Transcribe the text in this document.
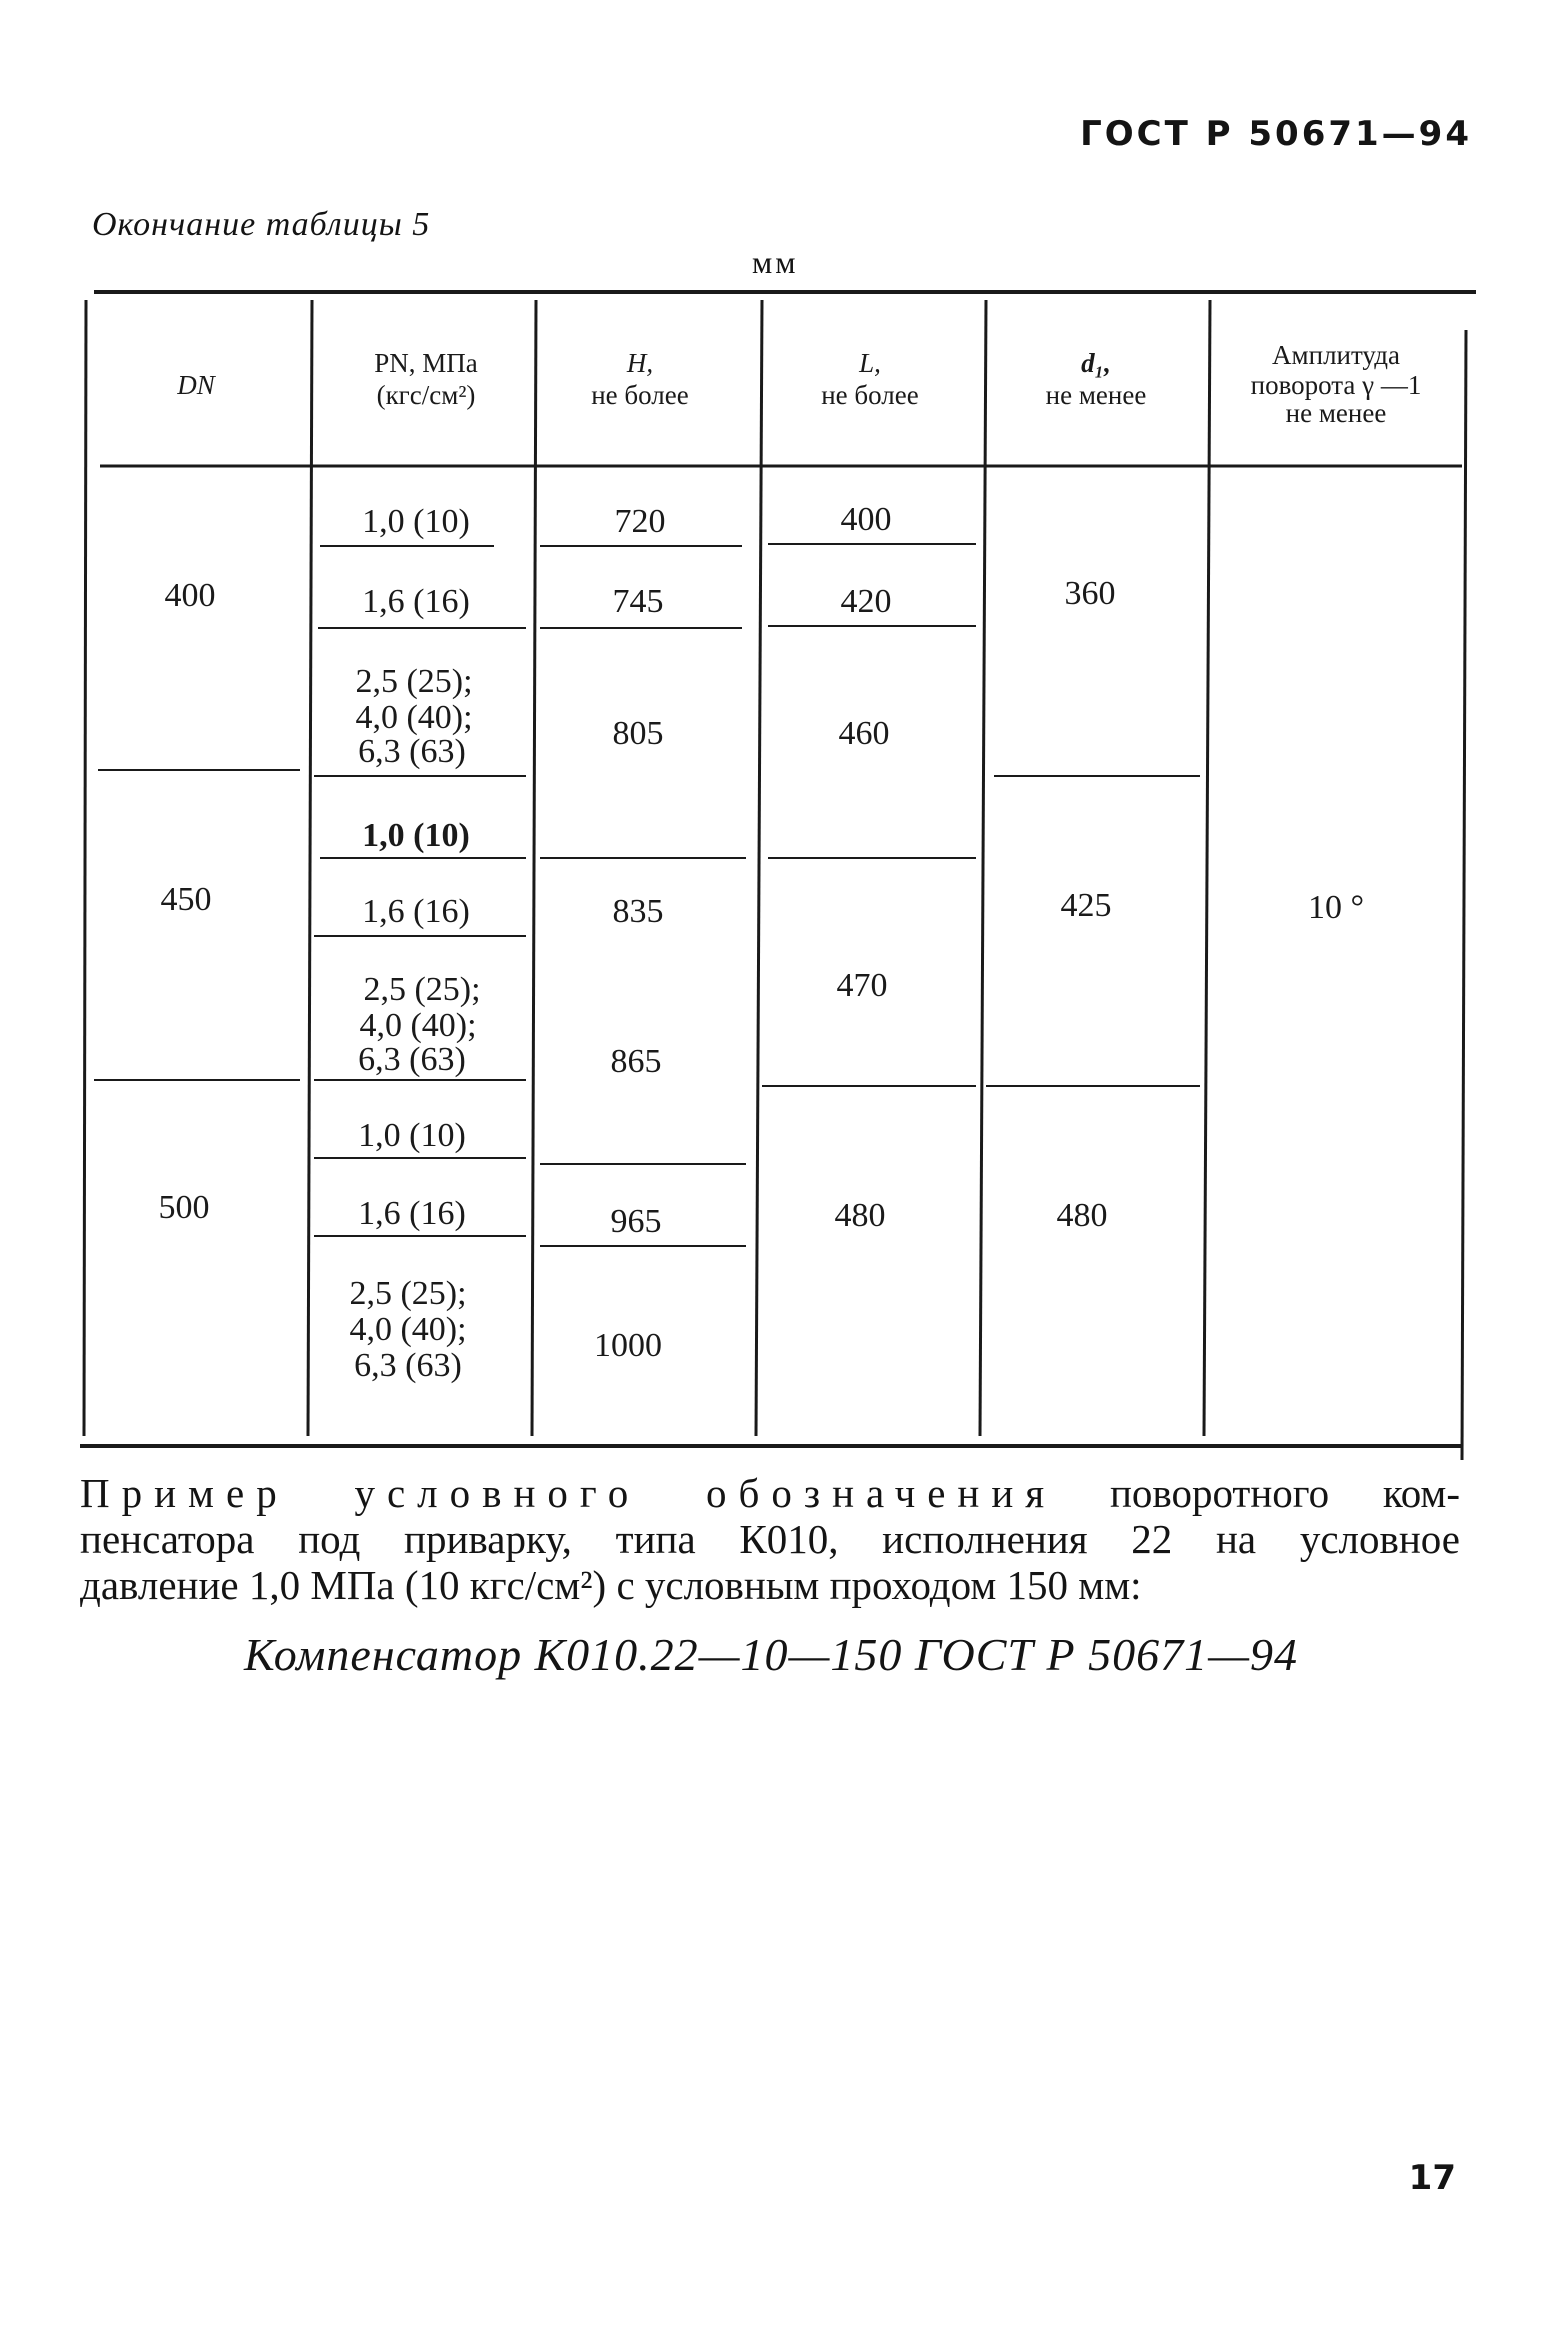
ГОСТ Р 50671—94

Окончание таблицы 5

мм

DN
PN, МПа
(кгс/см²)
H,
не более
L,
не более
d₁,
не менее
Амплитуда
поворота γ —1
не менее
400
450
500
1,0 (10)
1,6 (16)
2,5 (25);
4,0 (40);
6,3 (63)
1,0 (10)
1,6 (16)
2,5 (25);
4,0 (40);
6,3 (63)
1,0 (10)
1,6 (16)
2,5 (25);
4,0 (40);
6,3 (63)
720
745
805
835
865
965
1000
400
420
460
470
480
360
425
480
10 °

Пример условного обозначения поворотного ком-
пенсатора под приварку, типа К010, исполнения 22 на условное
давление 1,0 МПа (10 кгс/см²) с условным проходом 150 мм:

Компенсатор К010.22—10—150 ГОСТ Р 50671—94

17
